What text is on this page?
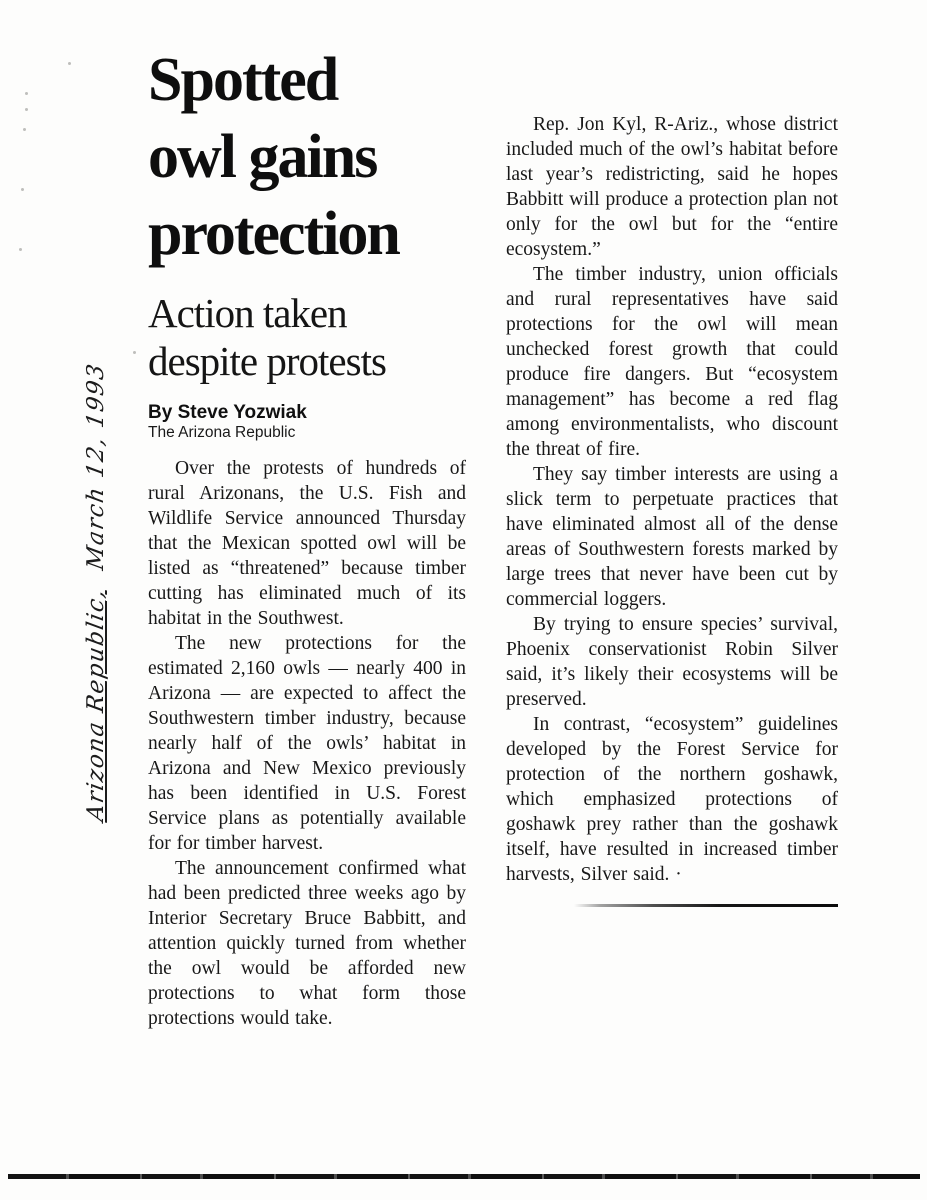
Arizona Republic, March 12, 1993
Spotted
owl gains
protection
Action taken
despite protests
By Steve Yozwiak
The Arizona Republic

Over the protests of hundreds of rural Arizonans, the U.S. Fish and Wildlife Service announced Thursday that the Mexican spotted owl will be listed as “threatened” because timber cutting has eliminated much of its habitat in the Southwest.

The new protections for the estimated 2,160 owls — nearly 400 in Arizona — are expected to affect the Southwestern timber industry, because nearly half of the owls’ habitat in Arizona and New Mexico previously has been identified in U.S. Forest Service plans as potentially available for for timber harvest.

The announcement confirmed what had been predicted three weeks ago by Interior Secretary Bruce Babbitt, and attention quickly turned from whether the owl would be afforded new protections to what form those protections would take.

Rep. Jon Kyl, R-Ariz., whose district included much of the owl’s habitat before last year’s redistricting, said he hopes Babbitt will produce a protection plan not only for the owl but for the “entire ecosystem.”

The timber industry, union officials and rural representatives have said protections for the owl will mean unchecked forest growth that could produce fire dangers. But “ecosystem management” has become a red flag among environmentalists, who discount the threat of fire.

They say timber interests are using a slick term to perpetuate practices that have eliminated almost all of the dense areas of Southwestern forests marked by large trees that never have been cut by commercial loggers.

By trying to ensure species’ survival, Phoenix conservationist Robin Silver said, it’s likely their ecosystems will be preserved.

In contrast, “ecosystem” guidelines developed by the Forest Service for protection of the northern goshawk, which emphasized protections of goshawk prey rather than the goshawk itself, have resulted in increased timber harvests, Silver said. ·
